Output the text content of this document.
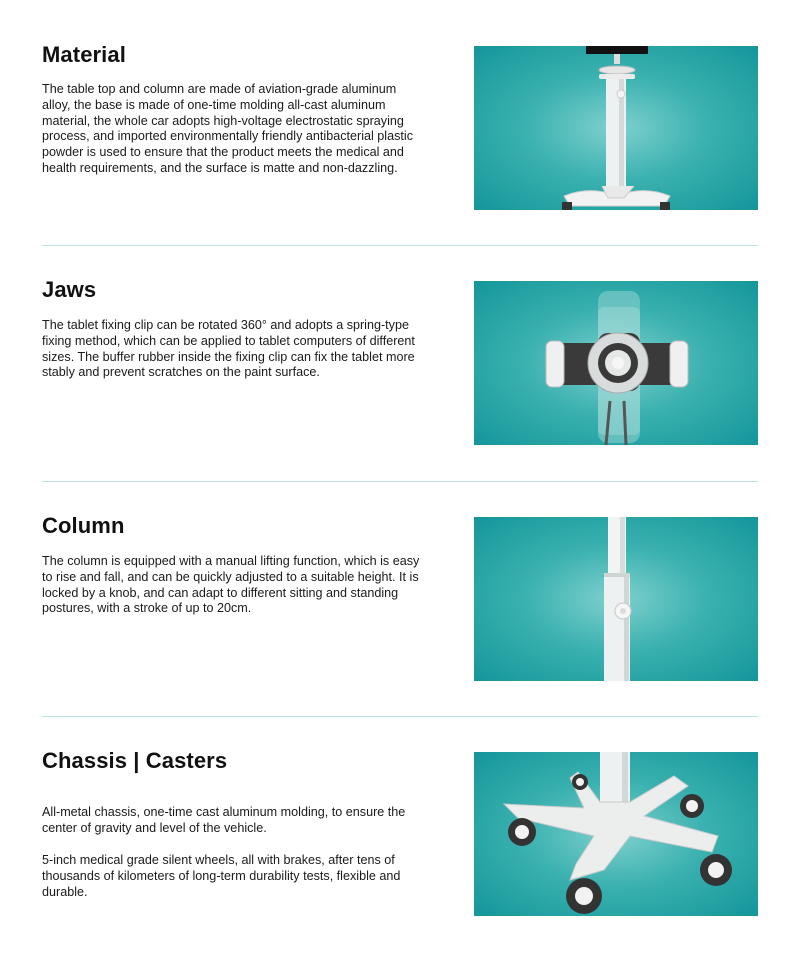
Material

The table top and column are made of aviation-grade aluminum alloy, the base is made of one-time molding all-cast aluminum material, the whole car adopts high-voltage electrostatic spraying process, and imported environmentally friendly antibacterial plastic powder is used to ensure that the product meets the medical and health requirements, and the surface is matte and non-dazzling.

Jaws

The tablet fixing clip can be rotated 360° and adopts a spring-type fixing method, which can be applied to tablet computers of different sizes. The buffer rubber inside the fixing clip can fix the tablet more stably and prevent scratches on the paint surface.

Column

The column is equipped with a manual lifting function, which is easy to rise and fall, and can be quickly adjusted to a suitable height. It is locked by a knob, and can adapt to different sitting and standing postures, with a stroke of up to 20cm.

Chassis | Casters

All-metal chassis, one-time cast aluminum molding, to ensure the center of gravity and level of the vehicle.

5-inch medical grade silent wheels, all with brakes, after tens of thousands of kilometers of long-term durability tests, flexible and durable.
